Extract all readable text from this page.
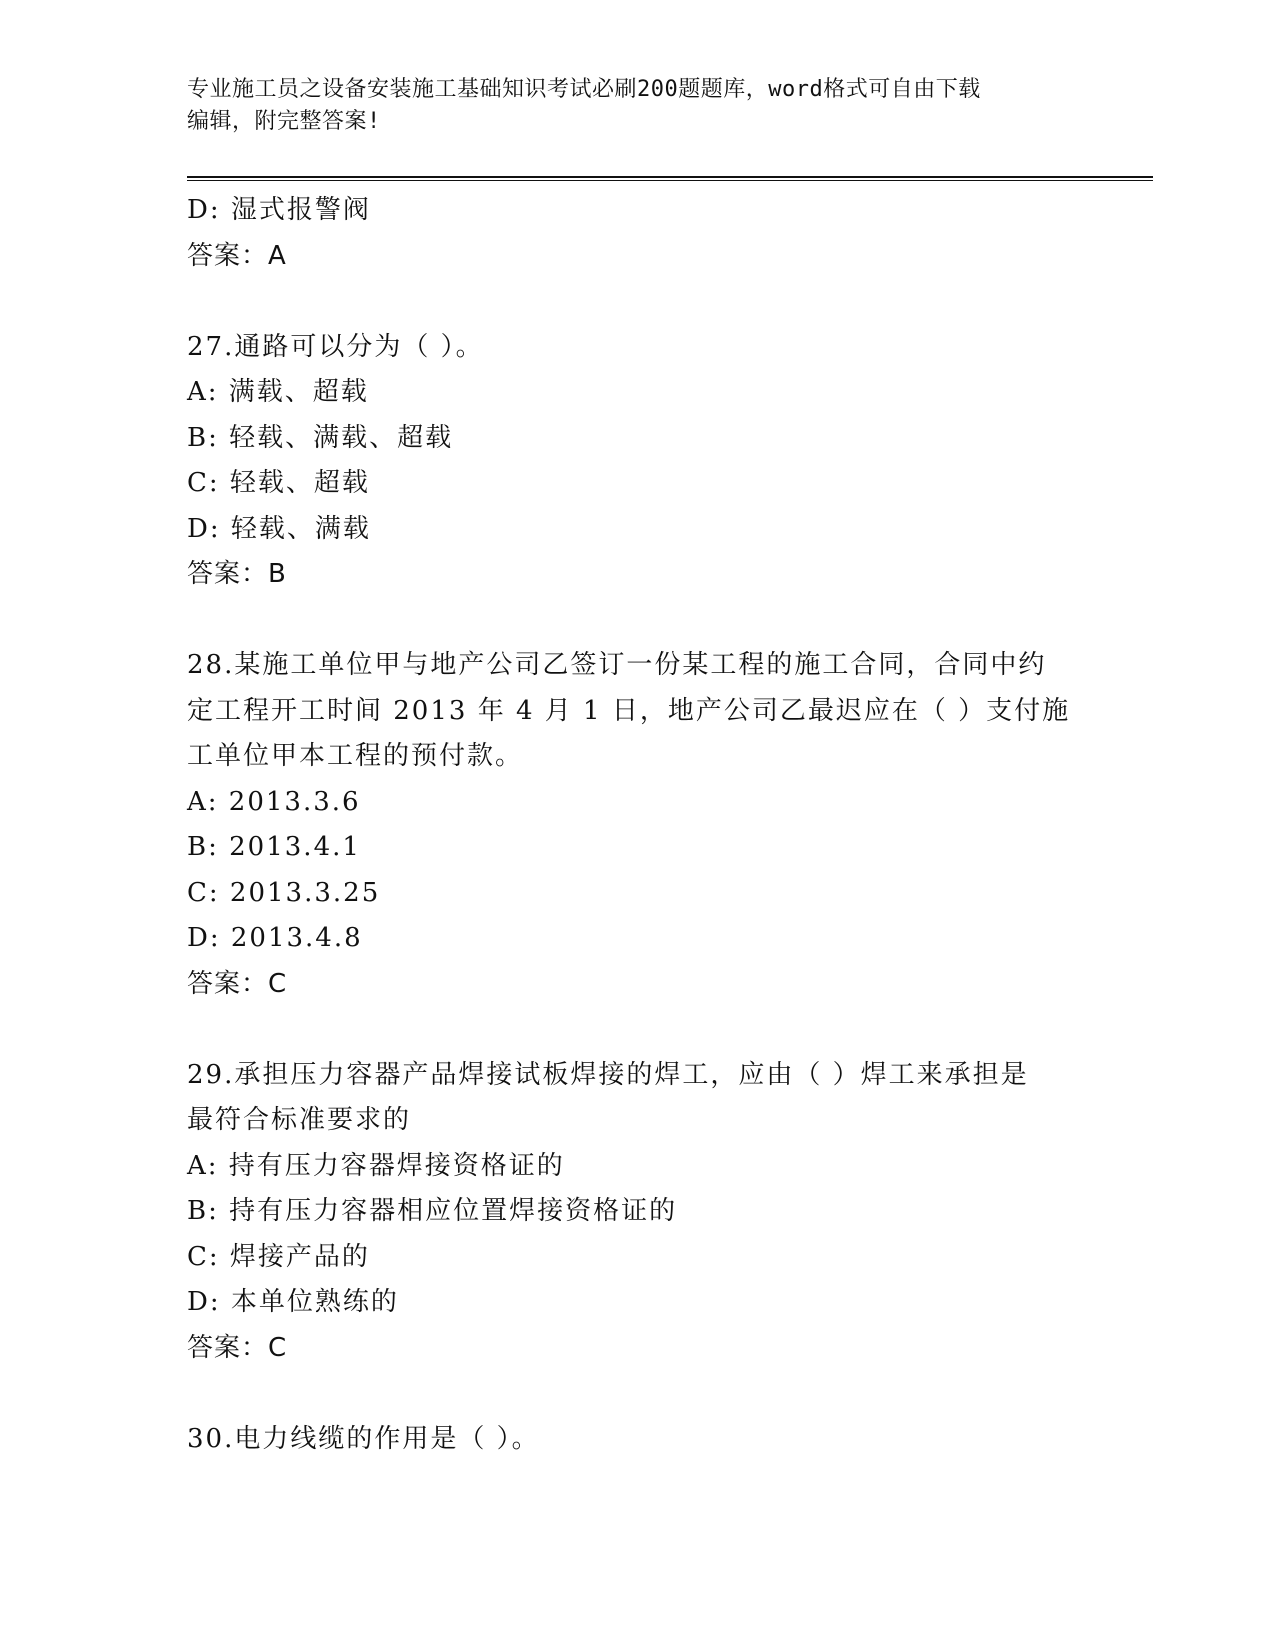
专业施工员之设备安装施工基础知识考试必刷200题题库，word格式可自由下载
编辑，附完整答案!
D: 湿式报警阀
答案：A
27.通路可以分为（ ）。
A: 满载、超载
B: 轻载、满载、超载
C: 轻载、超载
D: 轻载、满载
答案：B
28.某施工单位甲与地产公司乙签订一份某工程的施工合同，合同中约
定工程开工时间 2013 年 4 月 1 日，地产公司乙最迟应在（ ）支付施
工单位甲本工程的预付款。
A: 2013.3.6
B: 2013.4.1
C: 2013.3.25
D: 2013.4.8
答案：C
29.承担压力容器产品焊接试板焊接的焊工，应由（ ）焊工来承担是
最符合标准要求的
A: 持有压力容器焊接资格证的
B: 持有压力容器相应位置焊接资格证的
C: 焊接产品的
D: 本单位熟练的
答案：C
30.电力线缆的作用是（ ）。
